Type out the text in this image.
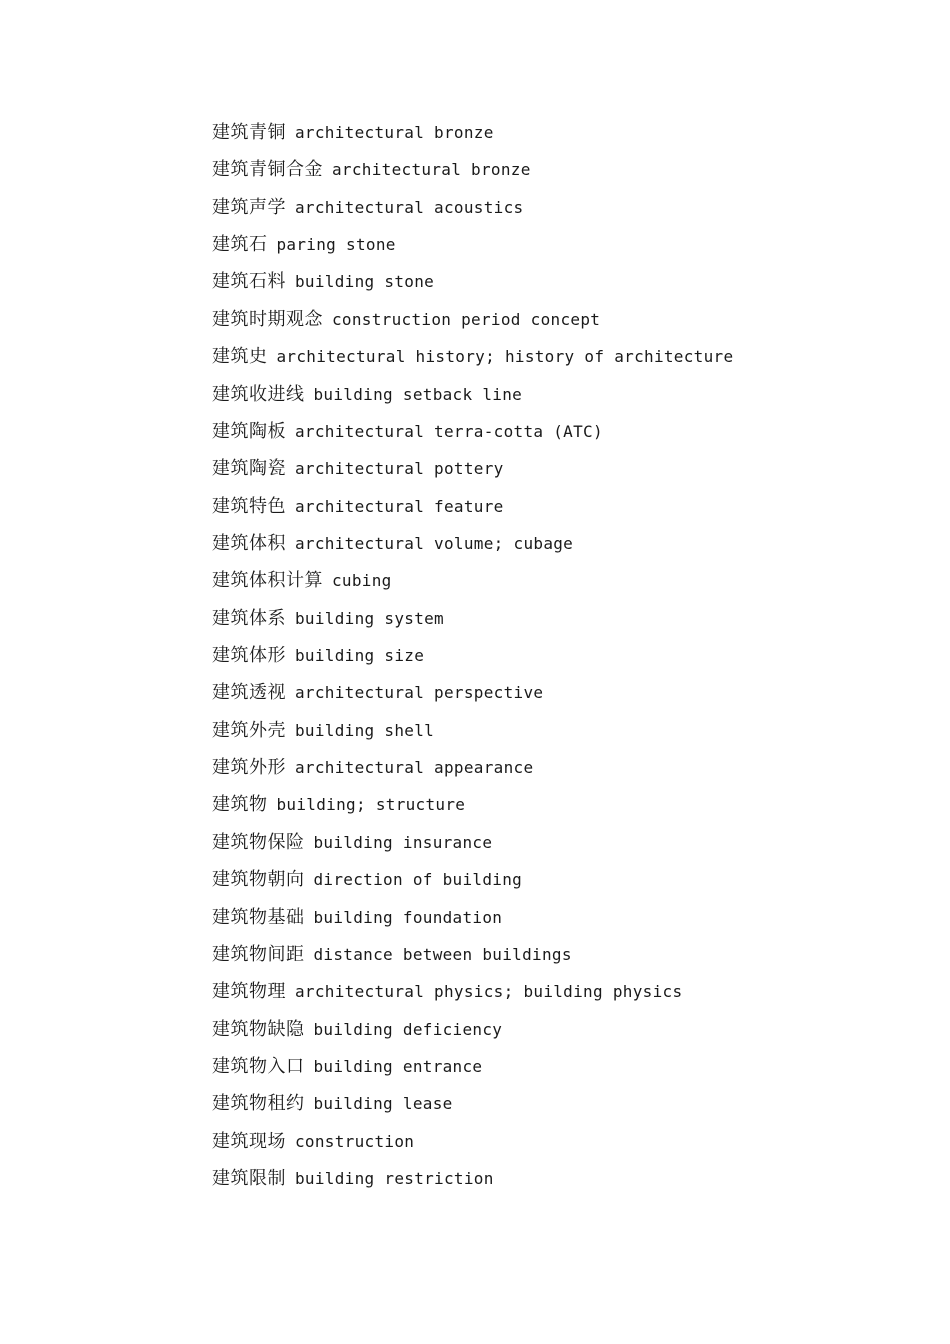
建筑青铜 architectural bronze
建筑青铜合金 architectural bronze
建筑声学 architectural acoustics
建筑石 paring stone
建筑石料 building stone
建筑时期观念 construction period concept
建筑史 architectural history; history of architecture
建筑收进线 building setback line
建筑陶板 architectural terra-cotta (ATC)
建筑陶瓷 architectural pottery
建筑特色 architectural feature
建筑体积 architectural volume; cubage
建筑体积计算 cubing
建筑体系 building system
建筑体形 building size
建筑透视 architectural perspective
建筑外壳 building shell
建筑外形 architectural appearance
建筑物 building; structure
建筑物保险 building insurance
建筑物朝向 direction of building
建筑物基础 building foundation
建筑物间距 distance between buildings
建筑物理 architectural physics; building physics
建筑物缺隐 building deficiency
建筑物入口 building entrance
建筑物租约 building lease
建筑现场 construction
建筑限制 building restriction
